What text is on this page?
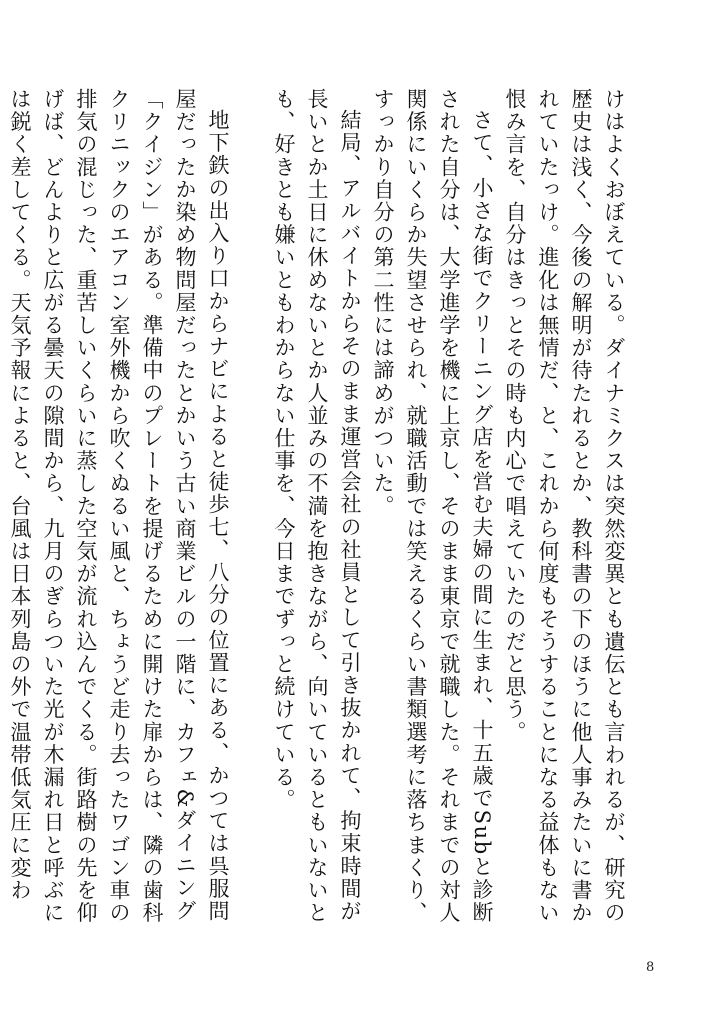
けはよくおぼえている。ダイナミクスは突然変異とも遺伝とも言われるが、研究の歴史は浅く、今後の解明が待たれるとか、教科書の下のほうに他人事みたいに書かれていたっけ。進化は無情だ、と、これから何度もそうすることになる益体もない恨み言を、自分はきっとその時も内心で唱えていたのだと思う。

さて、小さな街でクリーニング店を営む夫婦の間に生まれ、十五歳でSubと診断された自分は、大学進学を機に上京し、そのまま東京で就職した。それまでの対人関係にいくらか失望させられ、就職活動では笑えるくらい書類選考に落ちまくり、すっかり自分の第二性には諦めがついた。

結局、アルバイトからそのまま運営会社の社員として引き抜かれて、拘束時間が長いとか土日に休めないとか人並みの不満を抱きながら、向いているともいないとも、好きとも嫌いともわからない仕事を、今日までずっと続けている。

地下鉄の出入り口からナビによると徒歩七、八分の位置にある、かつては呉服問屋だったか染め物問屋だったとかいう古い商業ビルの一階に、カフェ&ダイニング「クイジン」がある。準備中のプレートを提げるために開けた扉からは、隣の歯科クリニックのエアコン室外機から吹くぬるい風と、ちょうど走り去ったワゴン車の排気の混じった、重苦しいくらいに蒸した空気が流れ込んでくる。街路樹の先を仰げば、どんよりと広がる曇天の隙間から、九月のぎらついた光が木漏れ日と呼ぶには鋭く差してくる。天気予報によると、台風は日本列島の外で温帯低気圧に変わ

8
